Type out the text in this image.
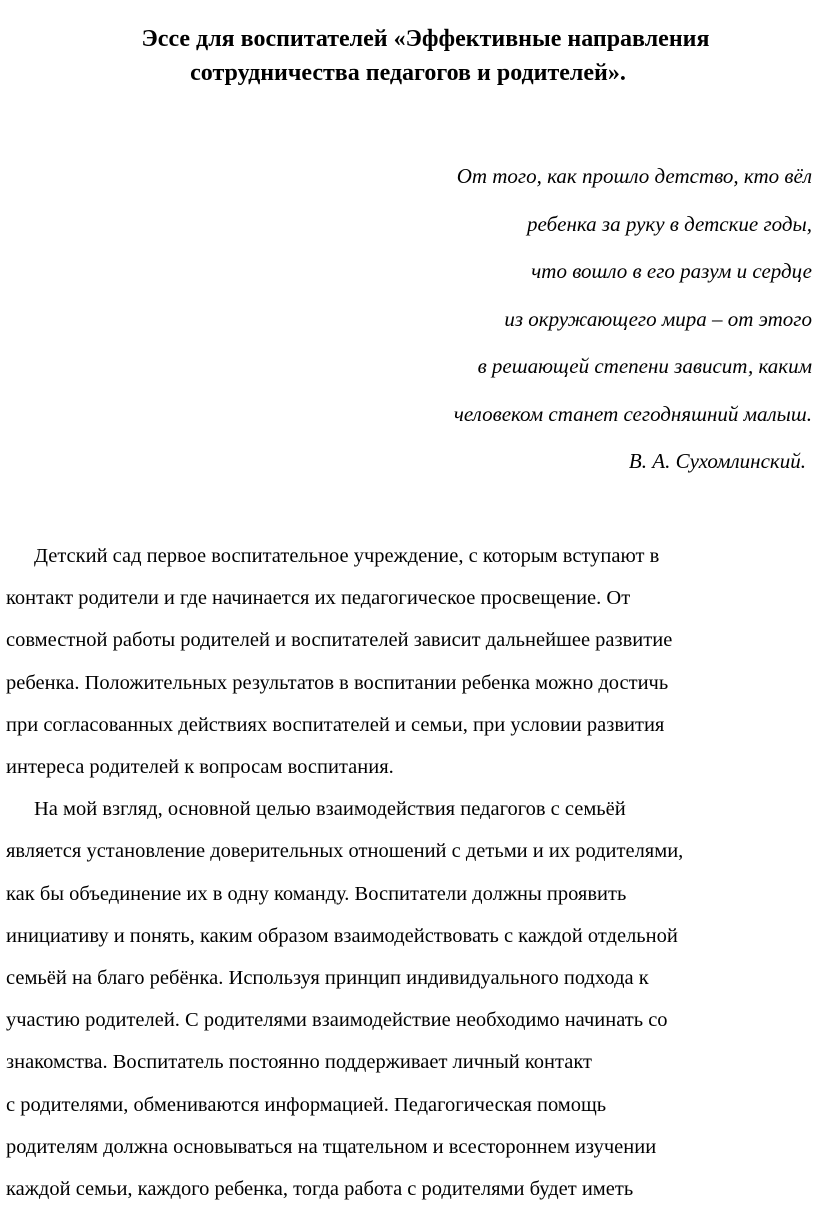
Эссе для воспитателей «Эффективные направления
сотрудничества педагогов и родителей».
От того, как прошло детство, кто вёл
ребенка за руку в детские годы,
что вошло в его разум и сердце
из окружающего мира – от этого
в решающей степени зависит, каким
человеком станет сегодняшний малыш.
В. А. Сухомлинский.
Детский сад первое воспитательное учреждение, с которым вступают в
контакт родители и где начинается их педагогическое просвещение. От
совместной работы родителей и воспитателей зависит дальнейшее развитие
ребенка. Положительных результатов в воспитании ребенка можно достичь
при согласованных действиях воспитателей и семьи, при условии развития
интереса родителей к вопросам воспитания.
На мой взгляд, основной целью взаимодействия педагогов с семьёй
является установление доверительных отношений с детьми и их родителями,
как бы объединение их в одну команду. Воспитатели должны проявить
инициативу и понять, каким образом взаимодействовать с каждой отдельной
семьёй на благо ребёнка. Используя принцип индивидуального подхода к
участию родителей. С родителями взаимодействие необходимо начинать со
знакомства. Воспитатель постоянно поддерживает личный контакт
с родителями, обмениваются информацией. Педагогическая помощь
родителям должна основываться на тщательном и всестороннем изучении
каждой семьи, каждого ребенка, тогда работа с родителями будет иметь
